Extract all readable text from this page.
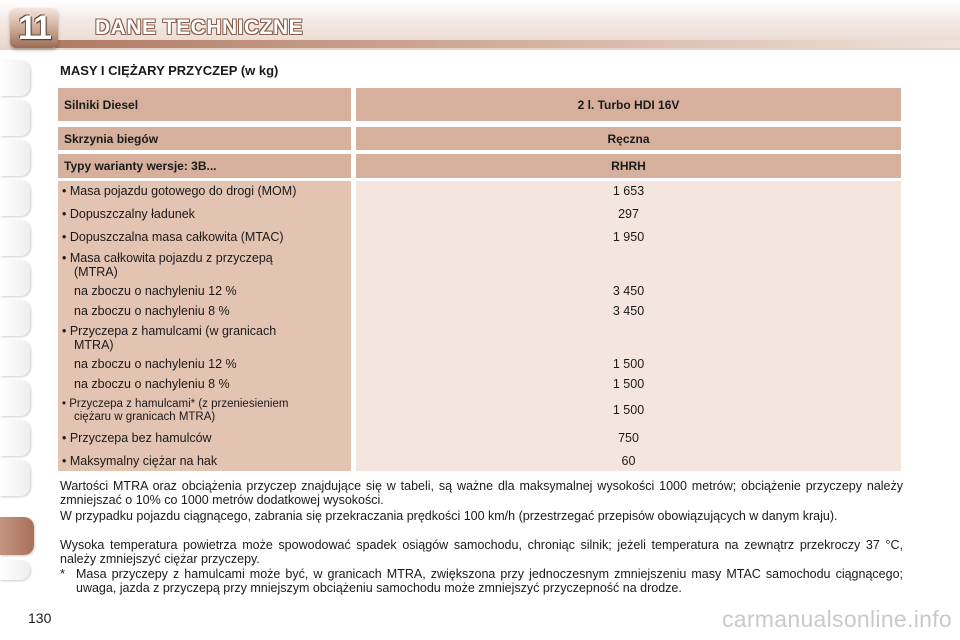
11	DANE TECHNICZNE
MASY I CIĘŻARY PRZYCZEP (w kg)
Silniki Diesel	2 l. Turbo HDI 16V
Skrzynia biegów	Ręczna
Typy warianty wersje: 3B...	RHRH
• Masa pojazdu gotowego do drogi (MOM)	1 653
• Dopuszczalny ładunek	297
• Dopuszczalna masa całkowita (MTAC)	1 950
• Masa całkowita pojazdu z przyczepą
(MTRA)
na zboczu o nachyleniu 12 %	3 450
na zboczu o nachyleniu 8 %	3 450
• Przyczepa z hamulcami (w granicach
MTRA)
na zboczu o nachyleniu 12 %	1 500
na zboczu o nachyleniu 8 %	1 500
• Przyczepa z hamulcami* (z przeniesieniem
ciężaru w granicach MTRA)	1 500
• Przyczepa bez hamulców	750
• Maksymalny ciężar na hak	60
Wartości MTRA oraz obciążenia przyczep znajdujące się w tabeli, są ważne dla maksymalnej wysokości 1000 metrów; obciążenie przyczepy należy zmniejszać o 10% co 1000 metrów dodatkowej wysokości.
W przypadku pojazdu ciągnącego, zabrania się przekraczania prędkości 100 km/h (przestrzegać przepisów obowiązujących w danym kraju).
Wysoka temperatura powietrza może spowodować spadek osiągów samochodu, chroniąc silnik; jeżeli temperatura na zewnątrz przekroczy 37 °C, należy zmniejszyć ciężar przyczepy.
* Masa przyczepy z hamulcami może być, w granicach MTRA, zwiększona przy jednoczesnym zmniejszeniu masy MTAC samochodu ciągnącego; uwaga, jazda z przyczepą przy mniejszym obciążeniu samochodu może zmniejszyć przyczepność na drodze.
130	carmanualsonline.info
